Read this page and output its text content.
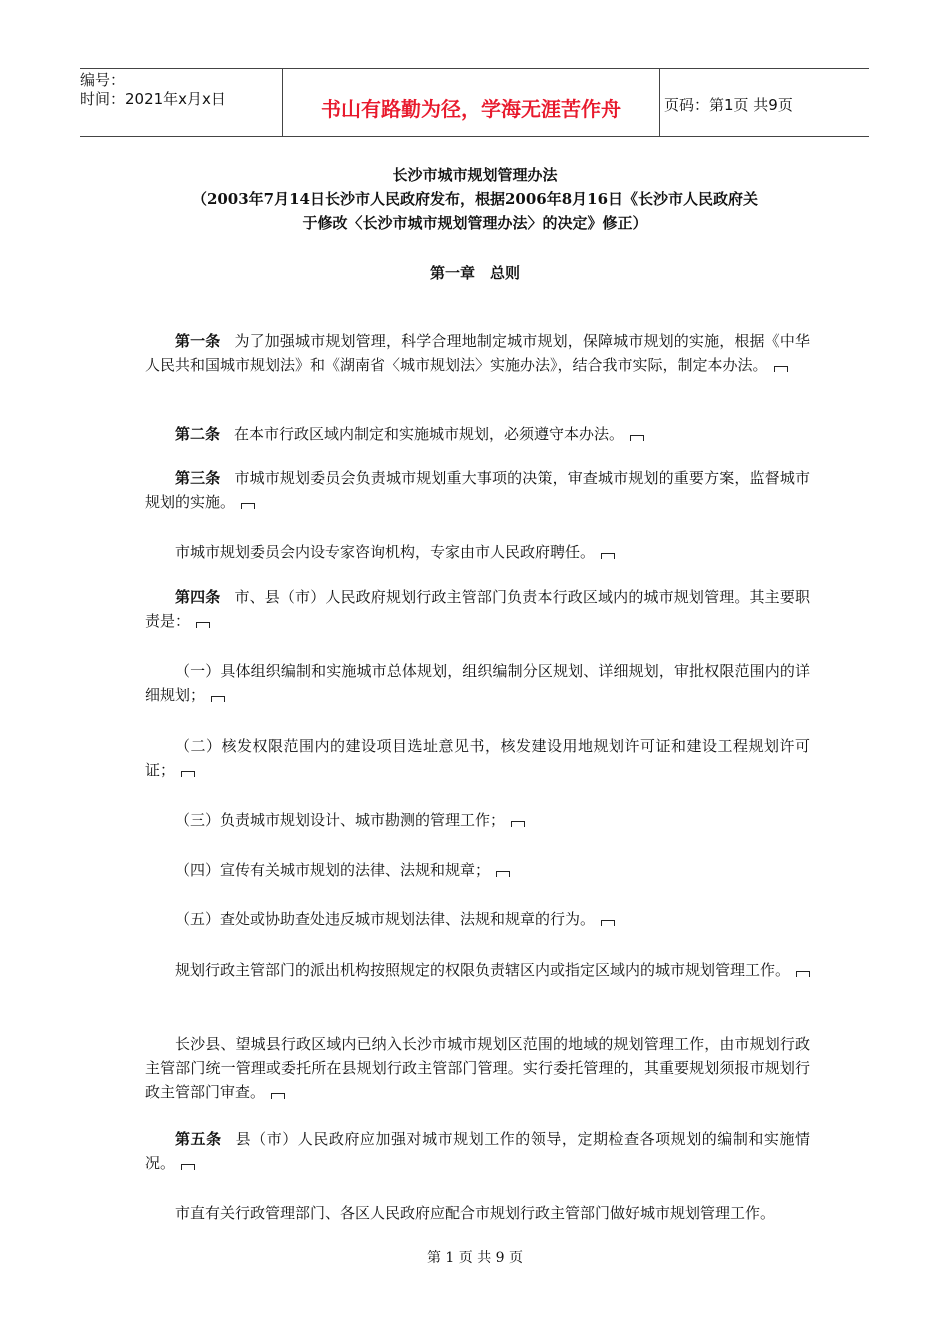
编号：
时间：2021年x月x日	书山有路勤为径，学海无涯苦作舟	页码：第1页 共9页
长沙市城市规划管理办法
（2003年7月14日长沙市人民政府发布，根据2006年8月16日《长沙市人民政府关
于修改〈长沙市城市规划管理办法〉的决定》修正）
第一章　总则

第一条 为了加强城市规划管理，科学合理地制定城市规划，保障城市规划的实施，根据《中华人民共和国城市规划法》和《湖南省〈城市规划法〉实施办法》，结合我市实际，制定本办法。

第二条 在本市行政区域内制定和实施城市规划，必须遵守本办法。

第三条 市城市规划委员会负责城市规划重大事项的决策，审查城市规划的重要方案，监督城市规划的实施。

市城市规划委员会内设专家咨询机构，专家由市人民政府聘任。

第四条 市、县（市）人民政府规划行政主管部门负责本行政区域内的城市规划管理。其主要职责是：

（一）具体组织编制和实施城市总体规划，组织编制分区规划、详细规划，审批权限范围内的详细规划；

（二）核发权限范围内的建设项目选址意见书，核发建设用地规划许可证和建设工程规划许可证；

（三）负责城市规划设计、城市勘测的管理工作；

（四）宣传有关城市规划的法律、法规和规章；

（五）查处或协助查处违反城市规划法律、法规和规章的行为。

规划行政主管部门的派出机构按照规定的权限负责辖区内或指定区域内的城市规划管理工作。

长沙县、望城县行政区域内已纳入长沙市城市规划区范围的地域的规划管理工作，由市规划行政主管部门统一管理或委托所在县规划行政主管部门管理。实行委托管理的，其重要规划须报市规划行政主管部门审查。

第五条 县（市）人民政府应加强对城市规划工作的领导，定期检查各项规划的编制和实施情况。

市直有关行政管理部门、各区人民政府应配合市规划行政主管部门做好城市规划管理工作。

第 1 页 共 9 页
